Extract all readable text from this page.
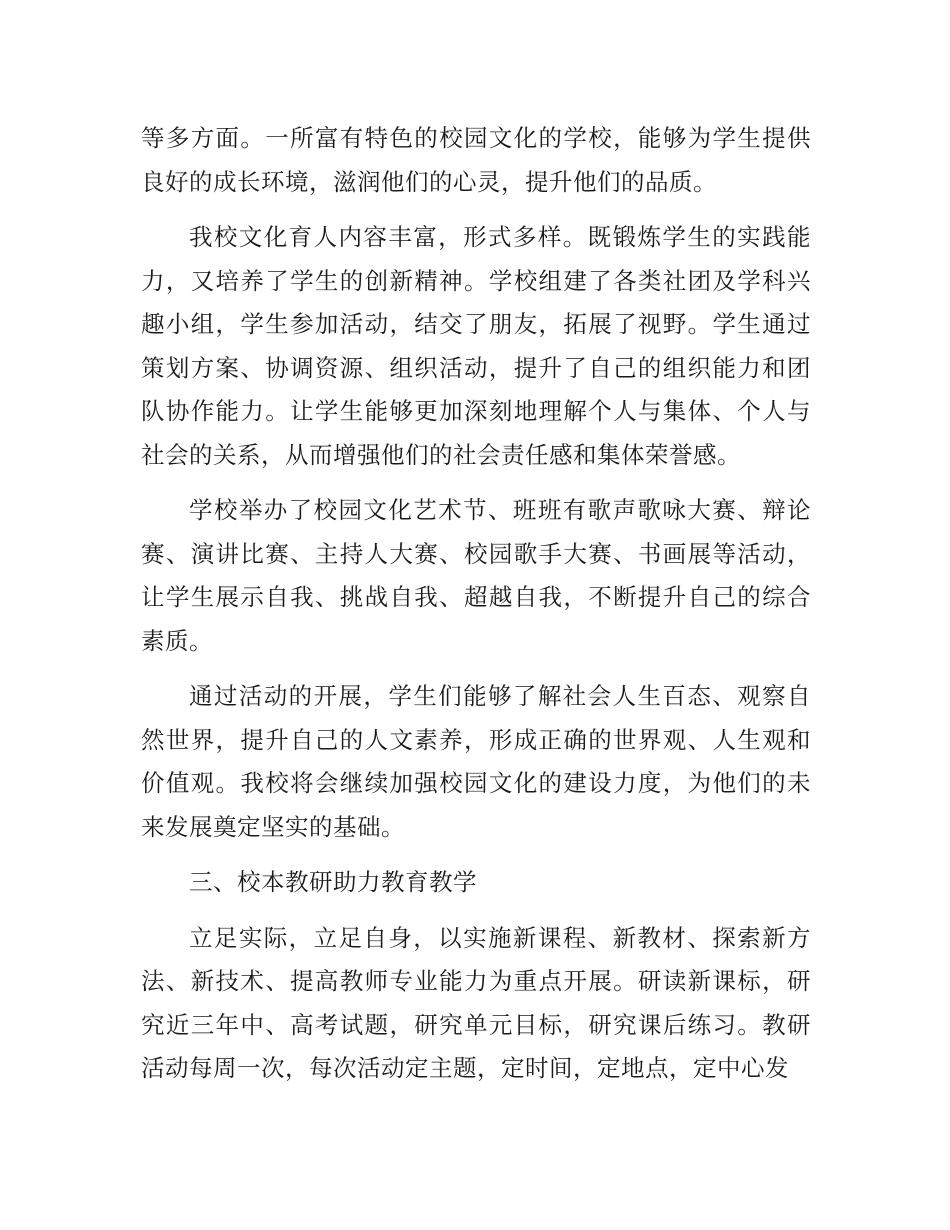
等多方面。一所富有特色的校园文化的学校，能够为学生提供良好的成长环境，滋润他们的心灵，提升他们的品质。

我校文化育人内容丰富，形式多样。既锻炼学生的实践能力，又培养了学生的创新精神。学校组建了各类社团及学科兴趣小组，学生参加活动，结交了朋友，拓展了视野。学生通过策划方案、协调资源、组织活动，提升了自己的组织能力和团队协作能力。让学生能够更加深刻地理解个人与集体、个人与社会的关系，从而增强他们的社会责任感和集体荣誉感。

学校举办了校园文化艺术节、班班有歌声歌咏大赛、辩论赛、演讲比赛、主持人大赛、校园歌手大赛、书画展等活动，让学生展示自我、挑战自我、超越自我，不断提升自己的综合素质。

通过活动的开展，学生们能够了解社会人生百态、观察自然世界，提升自己的人文素养，形成正确的世界观、人生观和价值观。我校将会继续加强校园文化的建设力度，为他们的未来发展奠定坚实的基础。

三、校本教研助力教育教学

立足实际，立足自身，以实施新课程、新教材、探索新方法、新技术、提高教师专业能力为重点开展。研读新课标，研究近三年中、高考试题，研究单元目标，研究课后练习。教研活动每周一次，每次活动定主题，定时间，定地点，定中心发
